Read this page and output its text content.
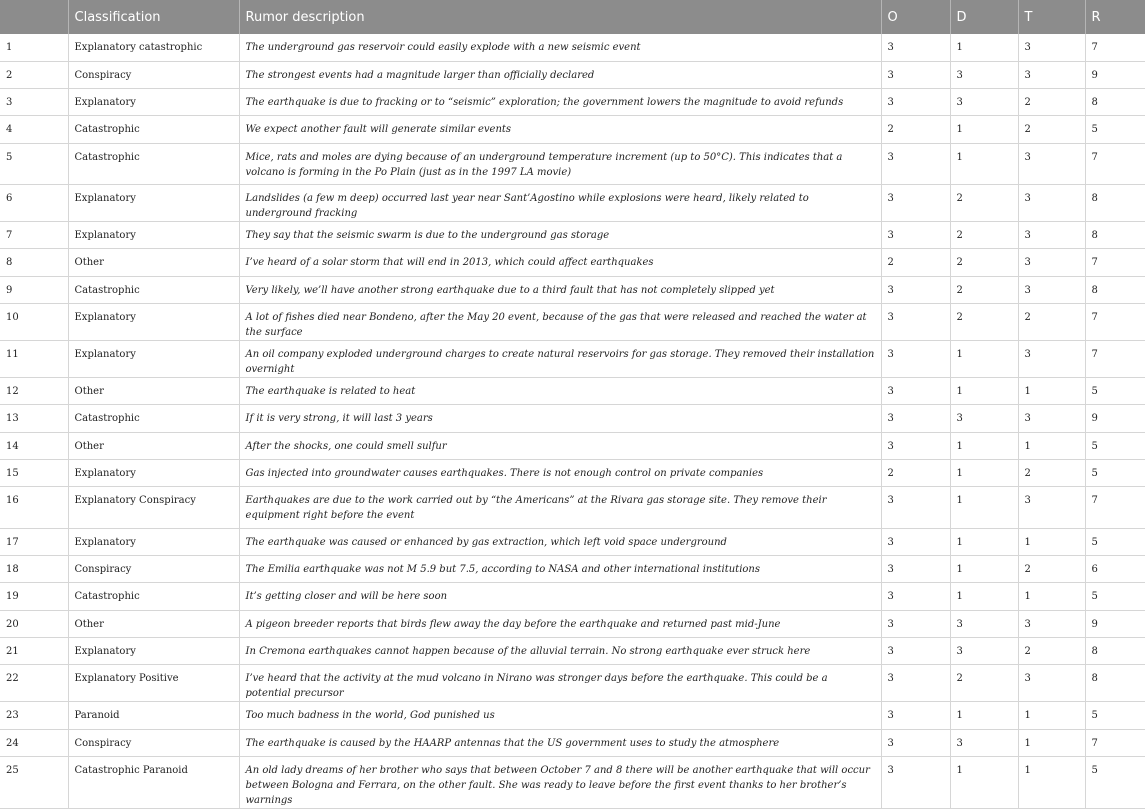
	Classification	Rumor description	O	D	T	R
1	Explanatory catastrophic	The underground gas reservoir could easily explode with a new seismic event	3	1	3	7
2	Conspiracy	The strongest events had a magnitude larger than officially declared	3	3	3	9
3	Explanatory	The earthquake is due to fracking or to “seismic” exploration; the government lowers the magnitude to avoid refunds	3	3	2	8
4	Catastrophic	We expect another fault will generate similar events	2	1	2	5
5	Catastrophic	Mice, rats and moles are dying because of an underground temperature increment (up to 50°C). This indicates that a volcano is forming in the Po Plain (just as in the 1997 LA movie)	3	1	3	7
6	Explanatory	Landslides (a few m deep) occurred last year near Sant’Agostino while explosions were heard, likely related to underground fracking	3	2	3	8
7	Explanatory	They say that the seismic swarm is due to the underground gas storage	3	2	3	8
8	Other	I’ve heard of a solar storm that will end in 2013, which could affect earthquakes	2	2	3	7
9	Catastrophic	Very likely, we’ll have another strong earthquake due to a third fault that has not completely slipped yet	3	2	3	8
10	Explanatory	A lot of fishes died near Bondeno, after the May 20 event, because of the gas that were released and reached the water at the surface	3	2	2	7
11	Explanatory	An oil company exploded underground charges to create natural reservoirs for gas storage. They removed their installation overnight	3	1	3	7
12	Other	The earthquake is related to heat	3	1	1	5
13	Catastrophic	If it is very strong, it will last 3 years	3	3	3	9
14	Other	After the shocks, one could smell sulfur	3	1	1	5
15	Explanatory	Gas injected into groundwater causes earthquakes. There is not enough control on private companies	2	1	2	5
16	Explanatory Conspiracy	Earthquakes are due to the work carried out by “the Americans” at the Rivara gas storage site. They remove their equipment right before the event	3	1	3	7
17	Explanatory	The earthquake was caused or enhanced by gas extraction, which left void space underground	3	1	1	5
18	Conspiracy	The Emilia earthquake was not M 5.9 but 7.5, according to NASA and other international institutions	3	1	2	6
19	Catastrophic	It’s getting closer and will be here soon	3	1	1	5
20	Other	A pigeon breeder reports that birds flew away the day before the earthquake and returned past mid-June	3	3	3	9
21	Explanatory	In Cremona earthquakes cannot happen because of the alluvial terrain. No strong earthquake ever struck here	3	3	2	8
22	Explanatory Positive	I’ve heard that the activity at the mud volcano in Nirano was stronger days before the earthquake. This could be a potential precursor	3	2	3	8
23	Paranoid	Too much badness in the world, God punished us	3	1	1	5
24	Conspiracy	The earthquake is caused by the HAARP antennas that the US government uses to study the atmosphere	3	3	1	7
25	Catastrophic Paranoid	An old lady dreams of her brother who says that between October 7 and 8 there will be another earthquake that will occur between Bologna and Ferrara, on the other fault. She was ready to leave before the first event thanks to her brother’s warnings	3	1	1	5
